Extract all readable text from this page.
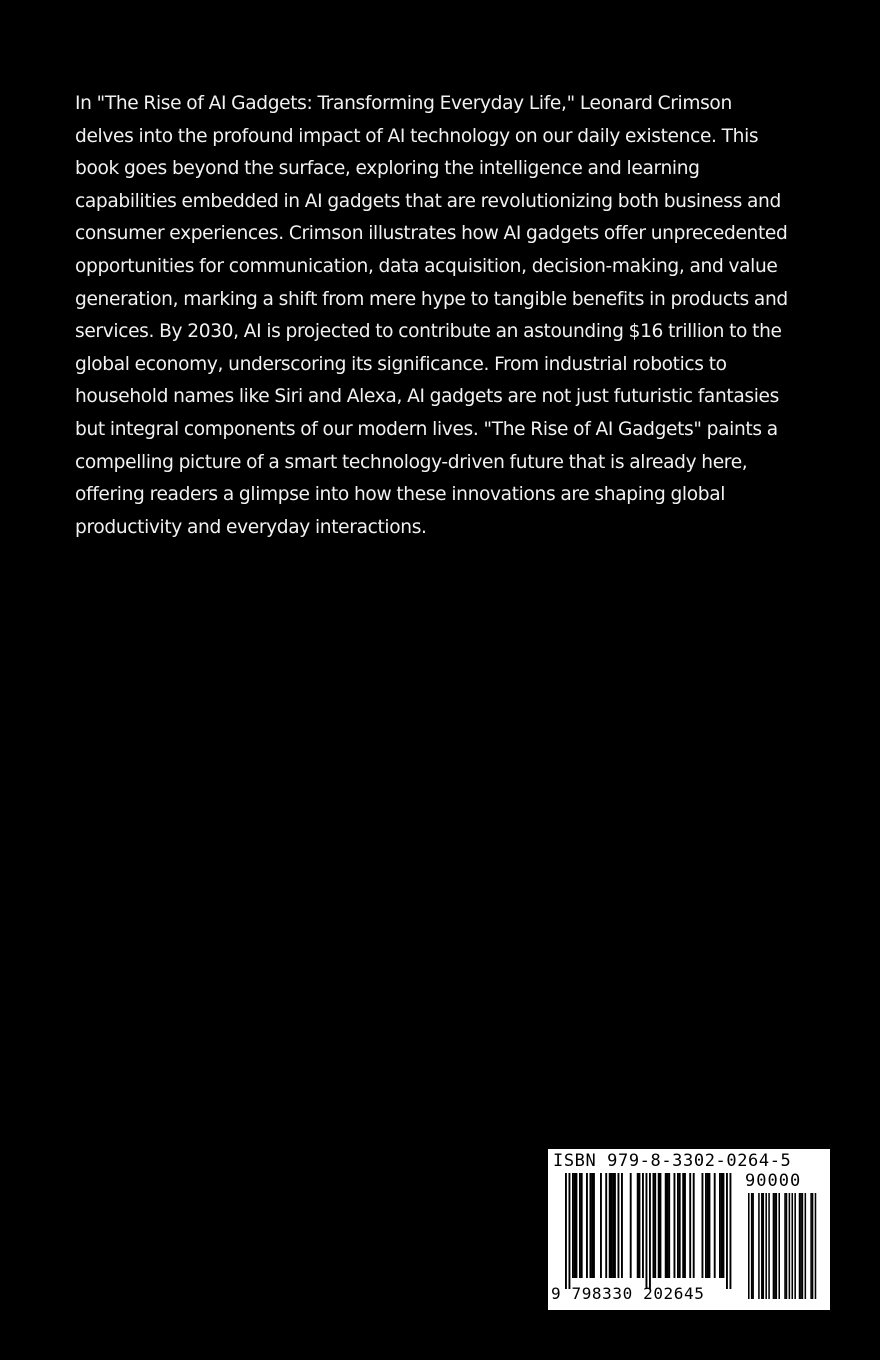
In "The Rise of AI Gadgets: Transforming Everyday Life," Leonard Crimson delves into the profound impact of AI technology on our daily existence. This book goes beyond the surface, exploring the intelligence and learning capabilities embedded in AI gadgets that are revolutionizing both business and consumer experiences. Crimson illustrates how AI gadgets offer unprecedented opportunities for communication, data acquisition, decision-making, and value generation, marking a shift from mere hype to tangible benefits in products and services. By 2030, AI is projected to contribute an astounding $16 trillion to the global economy, underscoring its significance. From industrial robotics to household names like Siri and Alexa, AI gadgets are not just futuristic fantasies but integral components of our modern lives. "The Rise of AI Gadgets" paints a compelling picture of a smart technology-driven future that is already here, offering readers a glimpse into how these innovations are shaping global productivity and everyday interactions.

ISBN 979-8-3302-0264-5
90000
9 798330 202645
